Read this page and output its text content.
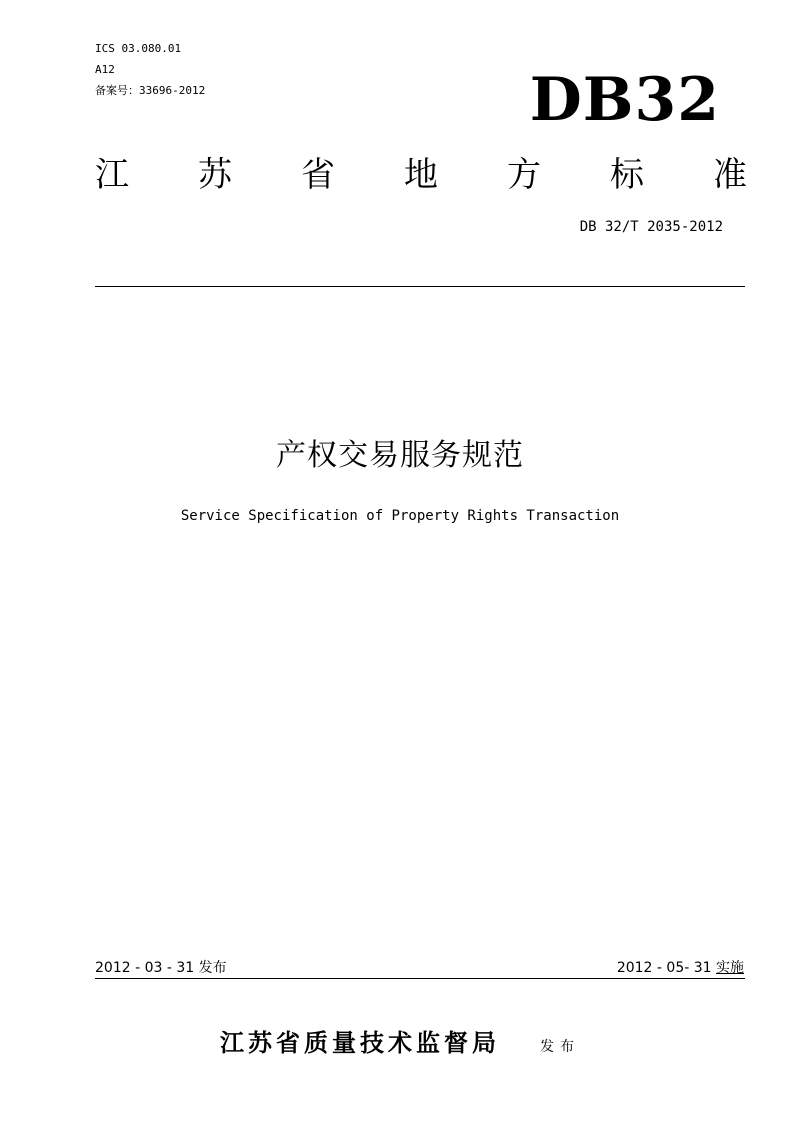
ICS 03.080.01
A12
备案号：33696-2012	DB32
江 苏 省 地 方 标 准
DB 32/T 2035-2012
产权交易服务规范
Service Specification of Property Rights Transaction
2012 - 03 - 31 发布	2012 - 05- 31 实施
江苏省质量技术监督局	发布
